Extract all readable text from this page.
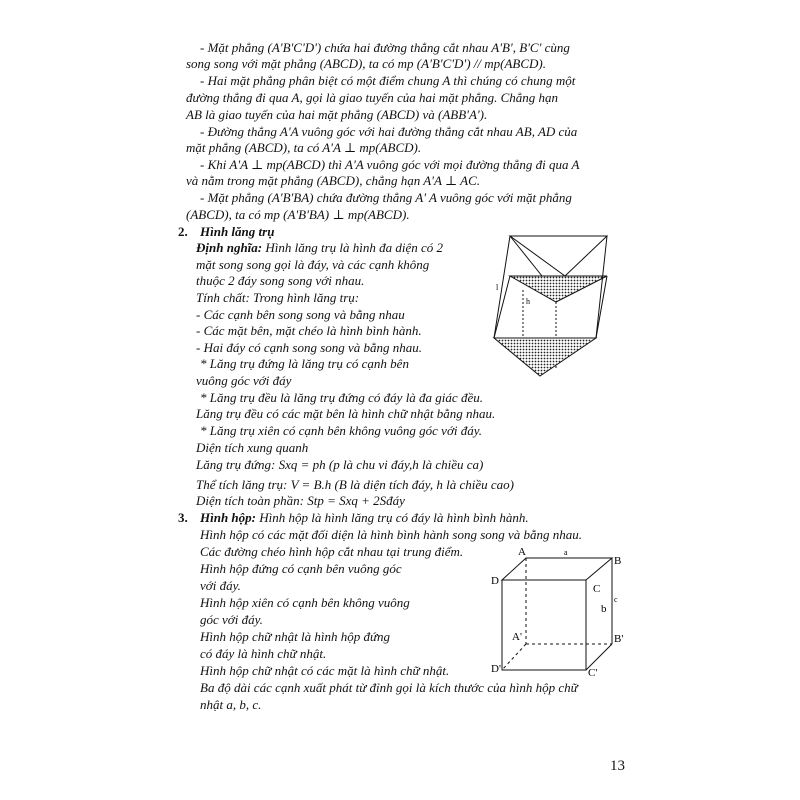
- Mặt phẳng (A'B'C'D') chứa hai đường thẳng cắt nhau A'B', B'C' cùng
song song với mặt phẳng (ABCD), ta có mp (A'B'C'D') // mp(ABCD).
- Hai mặt phẳng phân biệt có một điểm chung A thì chúng có chung một
đường thẳng đi qua A, gọi là giao tuyến của hai mặt phẳng. Chẳng hạn
AB là giao tuyến của hai mặt phẳng (ABCD) và (ABB'A').
- Đường thẳng A'A vuông góc với hai đường thẳng cắt nhau AB, AD của
mặt phẳng (ABCD), ta có A'A ⊥ mp(ABCD).
- Khi A'A ⊥ mp(ABCD) thì A'A vuông góc với mọi đường thẳng đi qua A
và nằm trong mặt phẳng (ABCD), chẳng hạn A'A ⊥ AC.
- Mặt phẳng (A'B'BA) chứa đường thẳng A' A vuông góc với mặt phẳng
(ABCD), ta có mp (A'B'BA) ⊥ mp(ABCD).
2. Hình lăng trụ
Định nghĩa: Hình lăng trụ là hình đa diện có 2
mặt song song gọi là đáy, và các cạnh không
thuộc 2 đáy song song với nhau.
Tính chất: Trong hình lăng trụ:
- Các cạnh bên song song và bằng nhau
- Các mặt bên, mặt chéo là hình bình hành.
- Hai đáy có cạnh song song và bằng nhau.
* Lăng trụ đứng là lăng trụ có cạnh bên
vuông góc với đáy
* Lăng trụ đều là lăng trụ đứng có đáy là đa giác đều.
Lăng trụ đều có các mặt bên là hình chữ nhật bằng nhau.
* Lăng trụ xiên có cạnh bên không vuông góc với đáy.
Diện tích xung quanh
Lăng trụ đứng: Sxq = ph (p là chu vi đáy,h là chiều ca)
Thể tích lăng trụ: V = B.h (B là diện tích đáy, h là chiều cao)
Diện tích toàn phần: Stp = Sxq + 2Sđáy
l
h
3. Hình hộp: Hình hộp là hình lăng trụ có đáy là hình bình hành.
Hình hộp có các mặt đối diện là hình bình hành song song và bằng nhau.
Các đường chéo hình hộp cắt nhau tại trung điểm.
Hình hộp đứng có cạnh bên vuông góc
với đáy.
Hình hộp xiên có cạnh bên không vuông
góc với đáy.
Hình hộp chữ nhật là hình hộp đứng
có đáy là hình chữ nhật.
Hình hộp chữ nhật có các mặt là hình chữ nhật.
Ba độ dài các cạnh xuất phát từ đỉnh gọi là kích thước của hình hộp chữ
nhật a, b, c.
A	a
B
D
C
c
b
A'	B'
D'	C'
13
